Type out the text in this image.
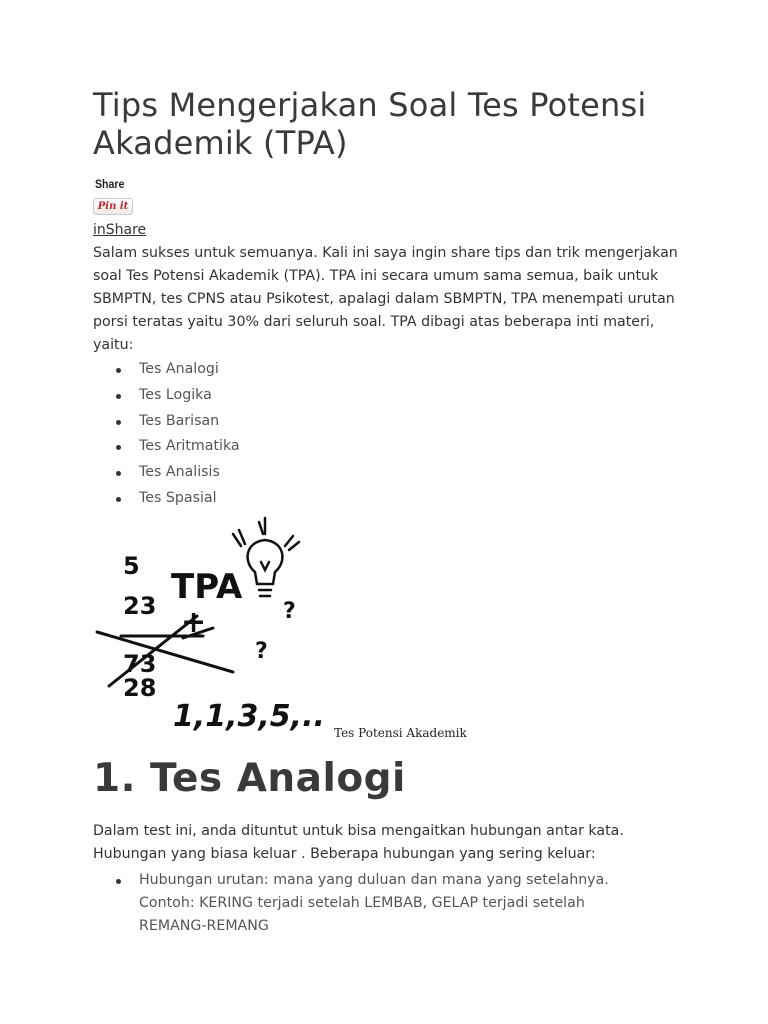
Tips Mengerjakan Soal Tes Potensi Akademik (TPA)
Share
Pin it
inShare

Salam sukses untuk semuanya. Kali ini saya ingin share tips dan trik mengerjakan soal Tes Potensi Akademik (TPA). TPA ini secara umum sama semua, baik untuk SBMPTN, tes CPNS atau Psikotest, apalagi dalam SBMPTN, TPA menempati urutan porsi teratas yaitu 30% dari seluruh soal. TPA dibagi atas beberapa inti materi, yaitu:

Tes Analogi
Tes Logika
Tes Barisan
Tes Aritmatika
Tes Analisis
Tes Spasial
5
23 TPA
+
73
28
1,1,3,5,..
?
?
Tes Potensi Akademik
1. Tes Analogi

Dalam test ini, anda dituntut untuk bisa mengaitkan hubungan antar kata. Hubungan yang biasa keluar . Beberapa hubungan yang sering keluar:

Hubungan urutan: mana yang duluan dan mana yang setelahnya. Contoh: KERING terjadi setelah LEMBAB, GELAP terjadi setelah REMANG-REMANG
